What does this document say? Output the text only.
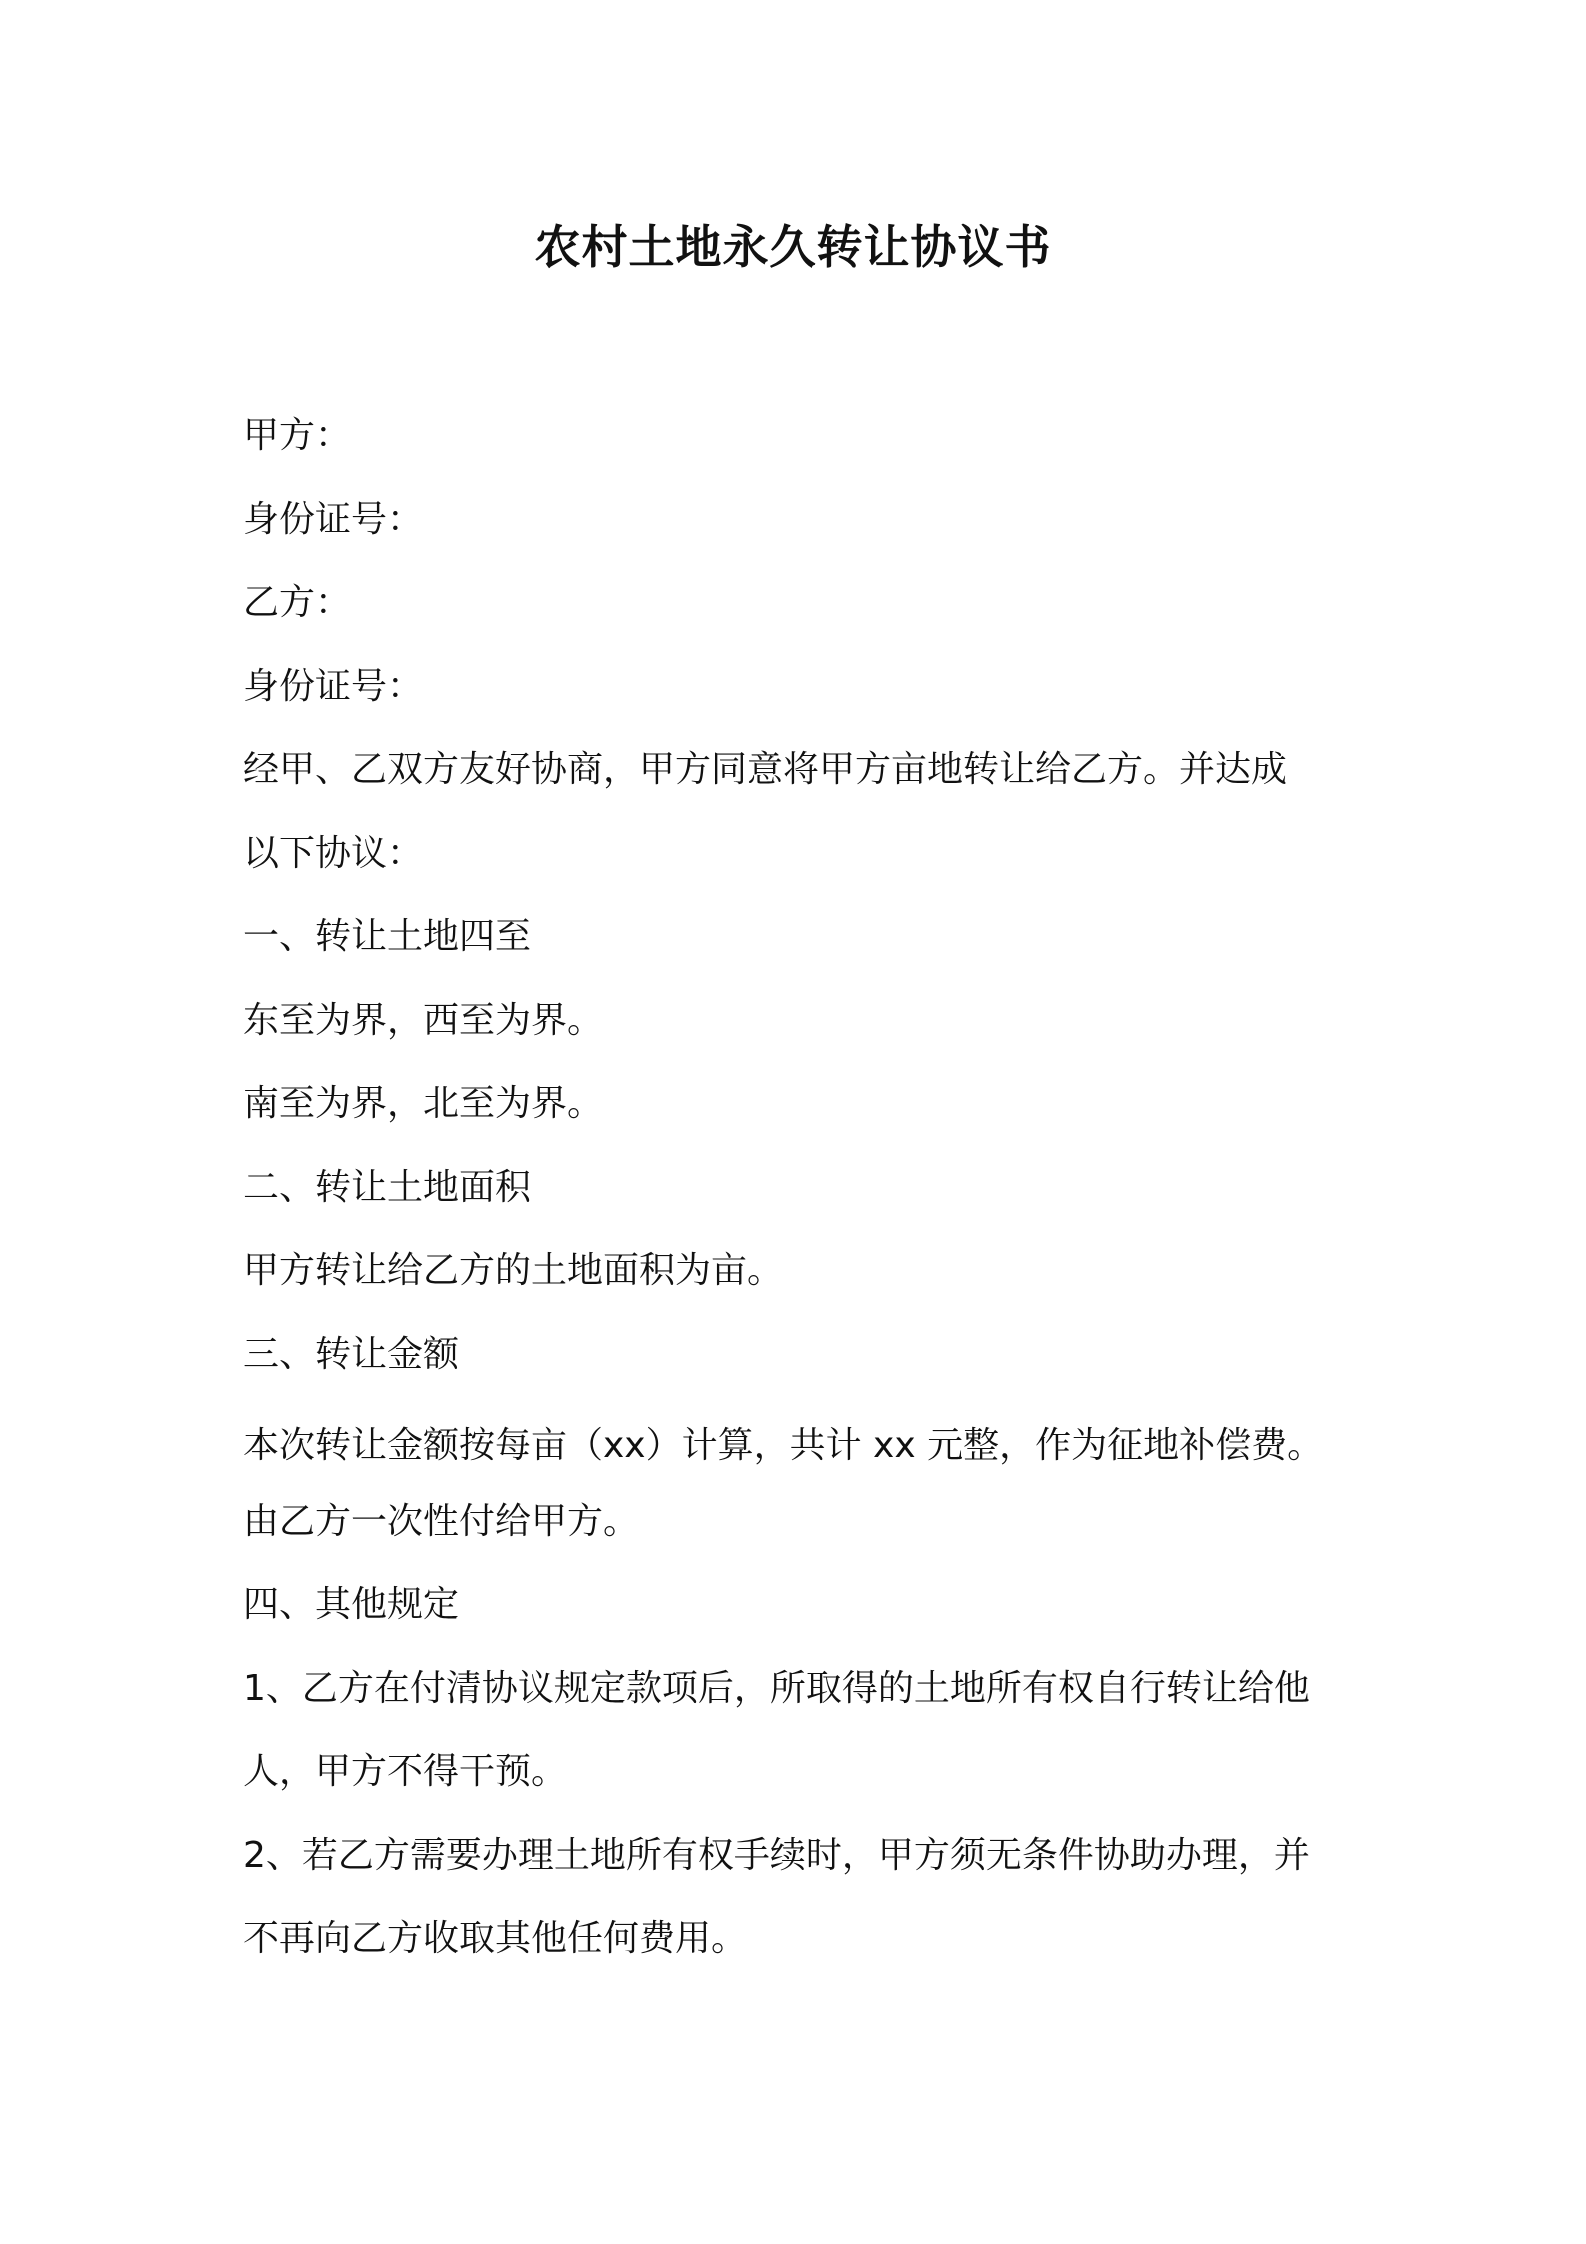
农村土地永久转让协议书

甲方：

身份证号：

乙方：

身份证号：

经甲、乙双方友好协商，甲方同意将甲方亩地转让给乙方。并达成

以下协议：

一、转让土地四至

东至为界，西至为界。

南至为界，北至为界。

二、转让土地面积

甲方转让给乙方的土地面积为亩。

三、转让金额

本次转让金额按每亩（xx）计算，共计 xx 元整，作为征地补偿费。

由乙方一次性付给甲方。

四、其他规定

1、乙方在付清协议规定款项后，所取得的土地所有权自行转让给他

人，甲方不得干预。

2、若乙方需要办理土地所有权手续时，甲方须无条件协助办理，并

不再向乙方收取其他任何费用。
